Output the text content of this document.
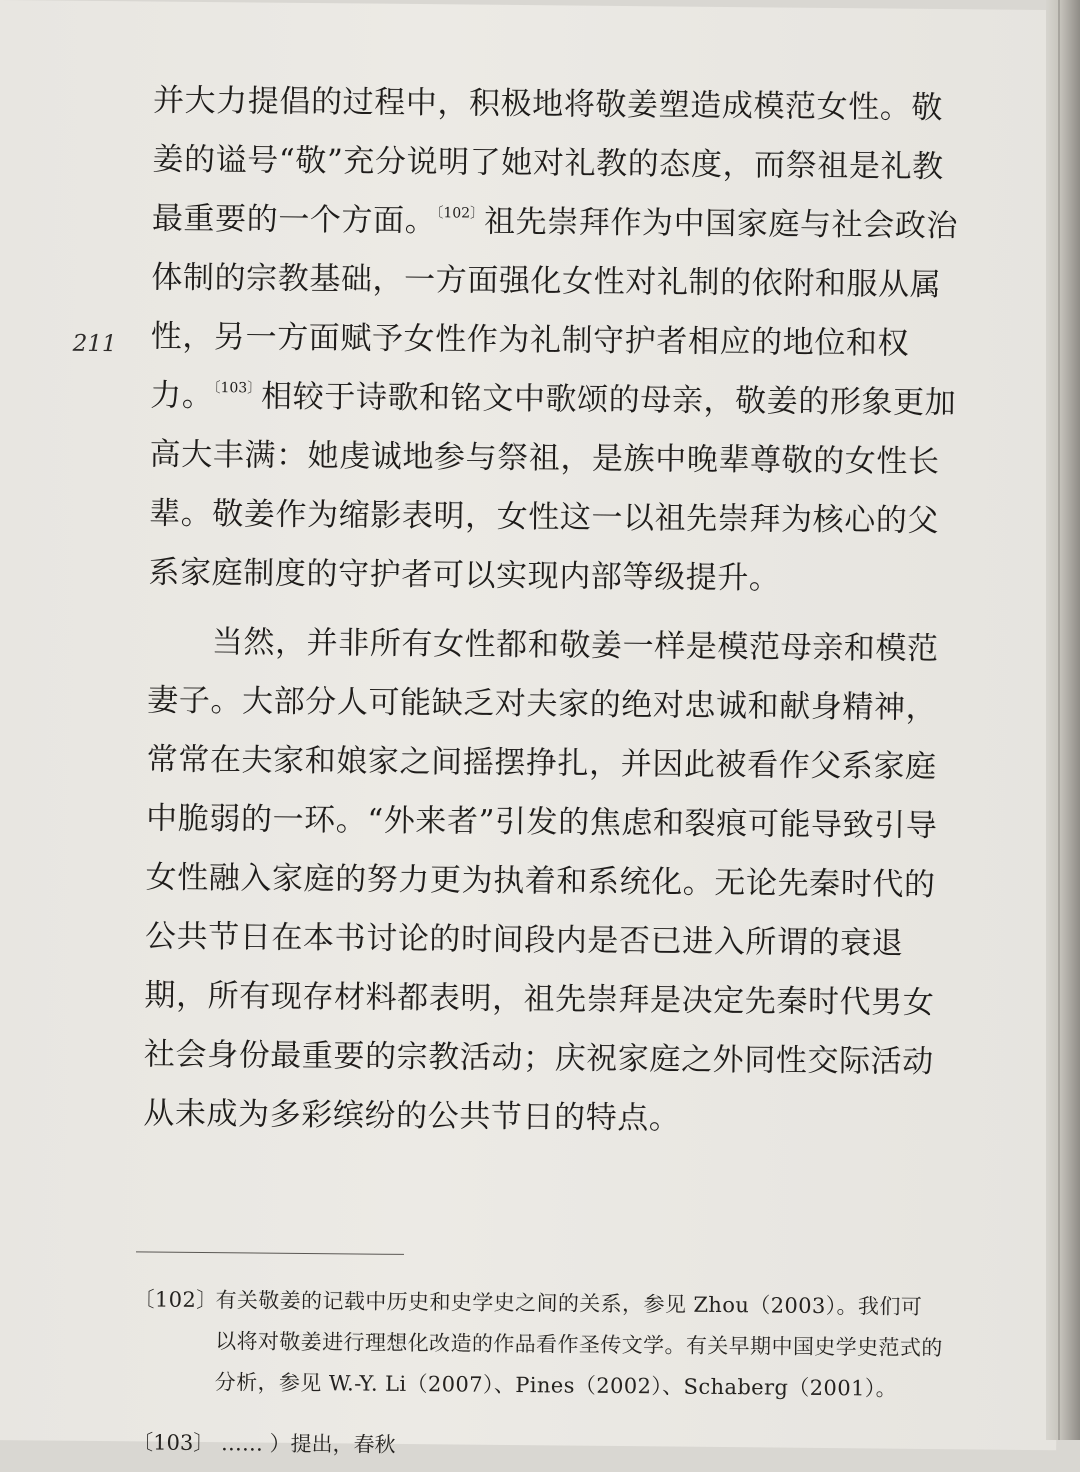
211

并大力提倡的过程中，积极地将敬姜塑造成模范女性。敬姜的谥号“敬”充分说明了她对礼教的态度，而祭祖是礼教最重要的一个方面。$^{〔102〕}$祖先崇拜作为中国家庭与社会政治体制的宗教基础，一方面强化女性对礼制的依附和服从属性，另一方面赋予女性作为礼制守护者相应的地位和权力。$^{〔103〕}$相较于诗歌和铭文中歌颂的母亲，敬姜的形象更加高大丰满：她虔诚地参与祭祖，是族中晚辈尊敬的女性长辈。敬姜作为缩影表明，女性这一以祖先崇拜为核心的父系家庭制度的守护者可以实现内部等级提升。

当然，并非所有女性都和敬姜一样是模范母亲和模范妻子。大部分人可能缺乏对夫家的绝对忠诚和献身精神，常常在夫家和娘家之间摇摆挣扎，并因此被看作父系家庭中脆弱的一环。“外来者”引发的焦虑和裂痕可能导致引导女性融入家庭的努力更为执着和系统化。无论先秦时代的公共节日在本书讨论的时间段内是否已进入所谓的衰退期，所有现存材料都表明，祖先崇拜是决定先秦时代男女社会身份最重要的宗教活动；庆祝家庭之外同性交际活动从未成为多彩缤纷的公共节日的特点。

〔102〕
有关敬姜的记载中历史和史学史之间的关系，参见 Zhou（2003）。我们可以将对敬姜进行理想化改造的作品看作圣传文学。有关早期中国史学史范式的分析，参见 W.-Y. Li（2007）、Pines（2002）、Schaberg（2001）。
〔103〕 …… ）提出，春秋
